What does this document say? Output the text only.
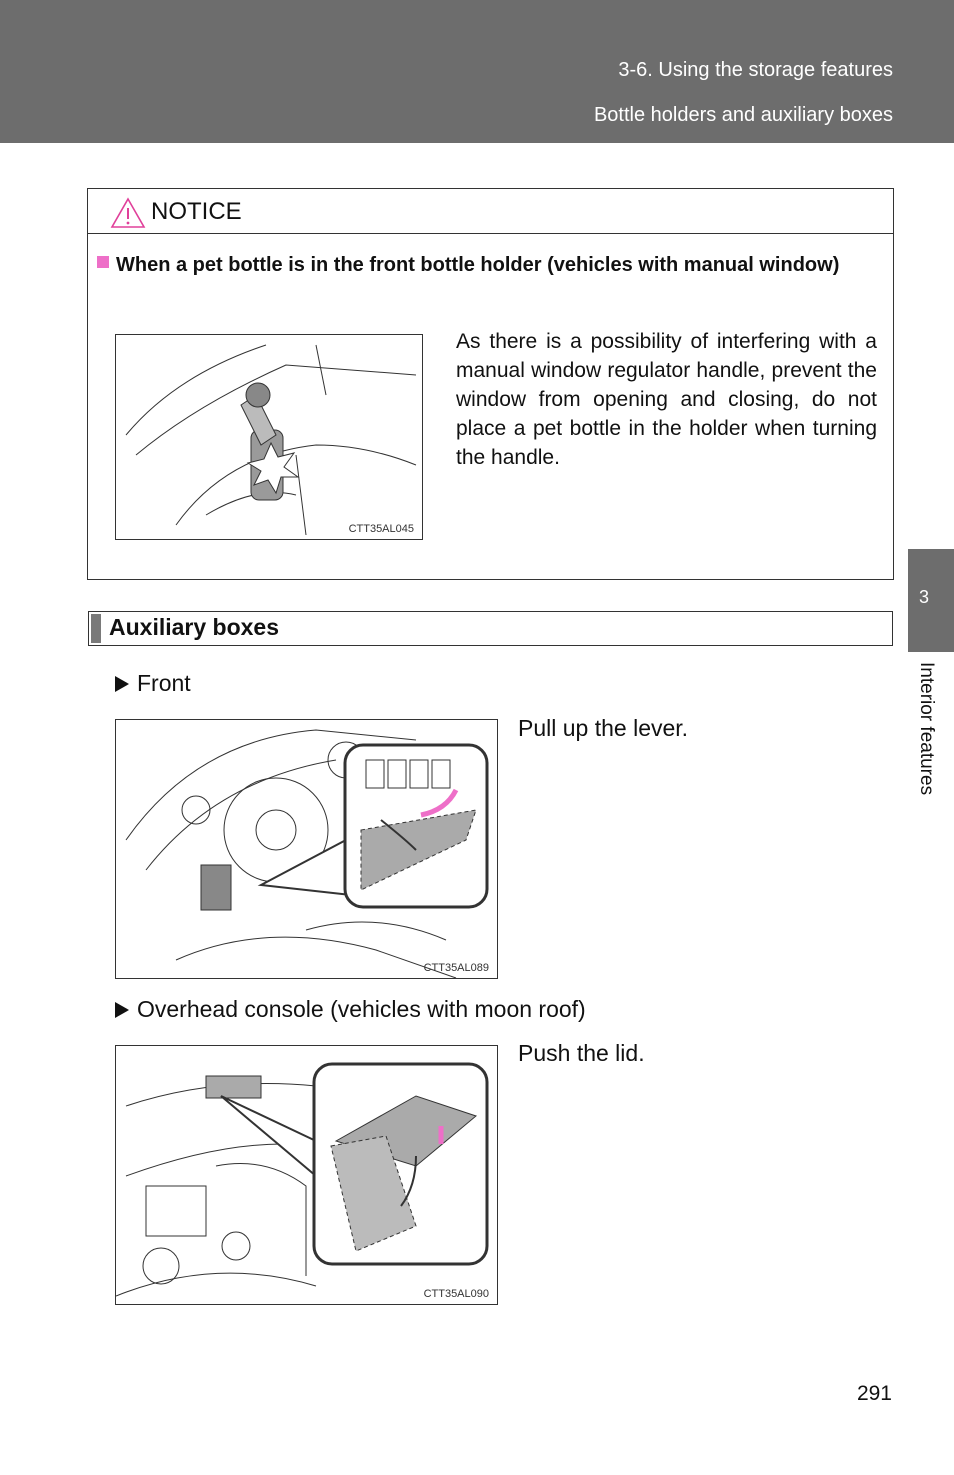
3-6. Using the storage features
Bottle holders and auxiliary boxes
3
Interior features
NOTICE
When a pet bottle is in the front bottle holder (vehicles with manual window)
CTT35AL045
As there is a possibility of interfering with a manual window regulator handle, prevent the window from opening and closing, do not place a pet bottle in the holder when turning the handle.
Auxiliary boxes
Front
CTT35AL089
Pull up the lever.
Overhead console (vehicles with moon roof)
CTT35AL090
Push the lid.
291
